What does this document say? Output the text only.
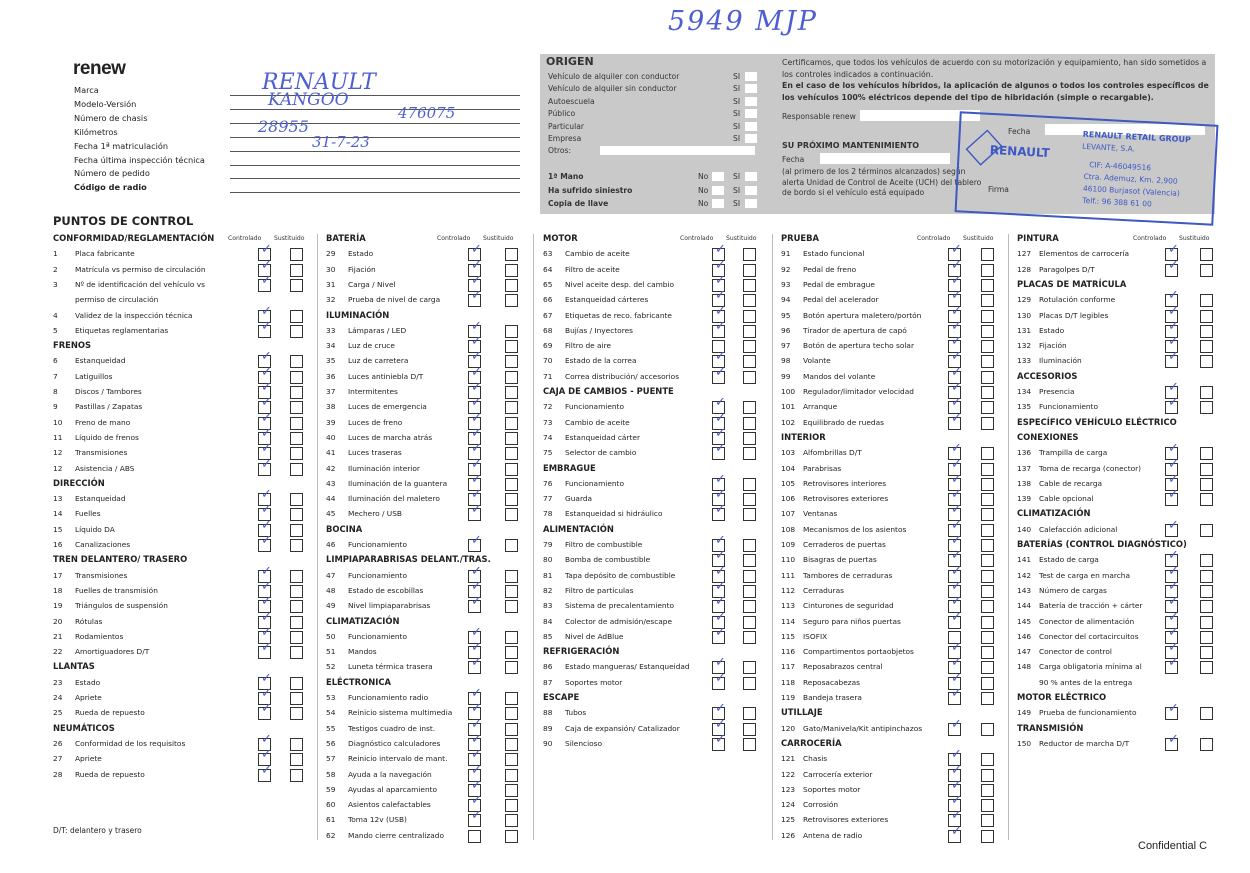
5949 MJP
renew
Marca	RENAULT
Modelo-Versión	KANGOO
Número de chasis	476075
Kilómetros	28955
Fecha 1ª matriculación	31-7-23
Fecha última inspección técnica
Número de pedido
Código de radio
ORIGEN
Vehículo de alquiler con conductor	SI
Vehículo de alquiler sin conductor	SI
Autoescuela	SI
Público	SI
Particular	SI
Empresa	SI
Otros:
1ª Mano	No	SI
Ha sufrido siniestro	No	SI
Copia de llave	No	SI
Certificamos, que todos los vehículos de acuerdo con su motorización y equipamiento, han sido sometidos a los controles indicados a continuación.
En el caso de los vehículos híbridos, la aplicación de algunos o todos los controles específicos de los vehículos 100% eléctricos depende del tipo de hibridación (simple o recargable).
Responsable renew
Fecha
SU PRÓXIMO MANTENIMIENTO
Fecha
(al primero de los 2 términos alcanzados) según alerta Unidad de Control de Aceite (UCH) del tablero de bordo si el vehículo está equipado	Firma
RENAULT
RENAULT RETAIL GROUP
LEVANTE, S.A.
CIF: A-46049516
Ctra. Ademuz, Km. 2,900
46100 Burjasot (Valencia)
Telf.: 96 388 61 00
PUNTOS DE CONTROL
Controlado Sustituido
CONFORMIDAD/REGLAMENTACIÓN
1 Placa fabricante	✓
2 Matrícula vs permiso de circulación	✓
3 Nº de identificación del vehículo vs	✓
permiso de circulación
4 Validez de la inspección técnica	✓
5 Etiquetas reglamentarias	✓
FRENOS
6 Estanqueidad	✓
7 Latiguillos	✓
8 Discos / Tambores	✓
9 Pastillas / Zapatas	✓
10 Freno de mano	✓
11 Líquido de frenos	✓
12 Transmisiones	✓
12 Asistencia / ABS	✓
DIRECCIÓN
13 Estanqueidad	✓
14 Fuelles	✓
15 Líquido DA	✓
16 Canalizaciones	✓
TREN DELANTERO/ TRASERO
17 Transmisiones	✓
18 Fuelles de transmisión	✓
19 Triángulos de suspensión	✓
20 Rótulas	✓
21 Rodamientos	✓
22 Amortiguadores D/T	✓
LLANTAS
23 Estado	✓
24 Apriete	✓
25 Rueda de repuesto	✓
NEUMÁTICOS
26 Conformidad de los requisitos	✓
27 Apriete	✓
28 Rueda de repuesto	✓
Controlado Sustituido
BATERÍA
29 Estado	✓
30 Fijación	✓
31 Carga / Nivel	✓
32 Prueba de nivel de carga ✓
ILUMINACIÓN
33 Lámparas / LED	✓
34 Luz de cruce	✓
35 Luz de carretera	✓
36 Luces antiniebla D/T	✓
37 Intermitentes	✓
38 Luces de emergencia	✓
39 Luces de freno	✓
40 Luces de marcha atrás	✓
41 Luces traseras	✓
42 Iluminación interior	✓
43 Iluminación de la guantera ✓
44 Iluminación del maletero ✓
45 Mechero / USB	✓
BOCINA
46 Funcionamiento	✓
LIMPIAPARABRISAS DELANT./TRAS.
47 Funcionamiento	✓
48 Estado de escobillas	✓
49 Nivel limpiaparabrisas	✓
CLIMATIZACIÓN
50 Funcionamiento	✓
51 Mandos	✓
52 Luneta térmica trasera	✓
ELÉCTRONICA
53 Funcionamiento radio	✓
54 Reinicio sistema multimedia ✓
55 Testigos cuadro de inst.	✓
56 Diagnóstico calculadores ✓
57 Reinicio intervalo de mant. ✓
58 Ayuda a la navegación	✓
59 Ayudas al aparcamiento	✓
60 Asientos calefactables	✓
61 Toma 12v (USB)	✓
62 Mando cierre centralizado
Controlado Sustituido
MOTOR
63 Cambio de aceite	✓
64 Filtro de aceite	✓
65 Nivel aceite desp. del cambio	✓
66 Estanqueidad cárteres	✓
67 Etiquetas de reco. fabricante	✓
68 Bujías / Inyectores	✓
69 Filtro de aire
70 Estado de la correa	✓
71 Correa distribución/ accesorios	✓
CAJA DE CAMBIOS - PUENTE
72 Funcionamiento	✓
73 Cambio de aceite	✓
74 Estanqueidad cárter	✓
75 Selector de cambio	✓
EMBRAGUE
76 Funcionamiento	✓
77 Guarda	✓
78 Estanqueidad si hidráulico	✓
ALIMENTACIÓN
79 Filtro de combustible	✓
80 Bomba de combustible	✓
81 Tapa depósito de combustible	✓
82 Filtro de partículas	✓
83 Sistema de precalentamiento	✓
84 Colector de admisión/escape	✓
85 Nivel de AdBlue	✓
REFRIGERACIÓN
86 Estado mangueras/ Estanqueidad ✓
87 Soportes motor	✓
ESCAPE
88 Tubos	✓
89 Caja de expansión/ Catalizador	✓
90 Silencioso	✓
Controlado Sustituido
PRUEBA
91 Estado funcional	✓
92 Pedal de freno	✓
93 Pedal de embrague	✓
94 Pedal del acelerador	✓
95 Botón apertura maletero/portón ✓
96 Tirador de apertura de capó	✓
97 Botón de apertura techo solar	✓
98 Volante	✓
99 Mandos del volante	✓
100 Regulador/limitador velocidad	✓
101 Arranque	✓
102 Equilibrado de ruedas	✓
INTERIOR
103 Alfombrillas D/T	✓
104 Parabrisas	✓
105 Retrovisores interiores	✓
106 Retrovisores exteriores	✓
107 Ventanas	✓
108 Mecanismos de los asientos	✓
109 Cerraderos de puertas	✓
110 Bisagras de puertas	✓
111 Tambores de cerraduras	✓
112 Cerraduras	✓
113 Cinturones de seguridad	✓
114 Seguro para niños puertas	✓
115 ISOFIX
116 Compartimentos portaobjetos	✓
117 Reposabrazos central	✓
118 Reposacabezas	✓
119 Bandeja trasera	✓
UTILLAJE
120 Gato/Manivela/Kit antipinchazos ✓
CARROCERÍA
121 Chasis	✓
122 Carrocería exterior	✓
123 Soportes motor	✓
124 Corrosión	✓
125 Retrovisores exteriores	✓
126 Antena de radio	✓
Controlado Sustituido
PINTURA
127 Elementos de carrocería	✓
128 Paragolpes D/T	✓
PLACAS DE MATRÍCULA
129 Rotulación conforme	✓
130 Placas D/T legibles	✓
131 Estado	✓
132 Fijación	✓
133 Iluminación	✓
ACCESORIOS
134 Presencia	✓
135 Funcionamiento	✓
ESPECÍFICO VEHÍCULO ELÉCTRICO
CONEXIONES
136 Trampilla de carga	✓
137 Toma de recarga (conector) ✓
138 Cable de recarga	✓
139 Cable opcional	✓
CLIMATIZACIÓN
140 Calefacción adicional	✓
BATERÍAS (CONTROL DIAGNÓSTICO)
141 Estado de carga	✓
142 Test de carga en marcha	✓
143 Número de cargas	✓
144 Batería de tracción + cárter ✓
145 Conector de alimentación	✓
146 Conector del cortacircuitos ✓
147 Conector de control	✓
148 Carga obligatoria mínima al ✓
90 % antes de la entrega
MOTOR ELÉCTRICO
149 Prueba de funcionamiento ✓
TRANSMISIÓN
150 Reductor de marcha D/T	✓
D/T: delantero y trasero
Confidential C
